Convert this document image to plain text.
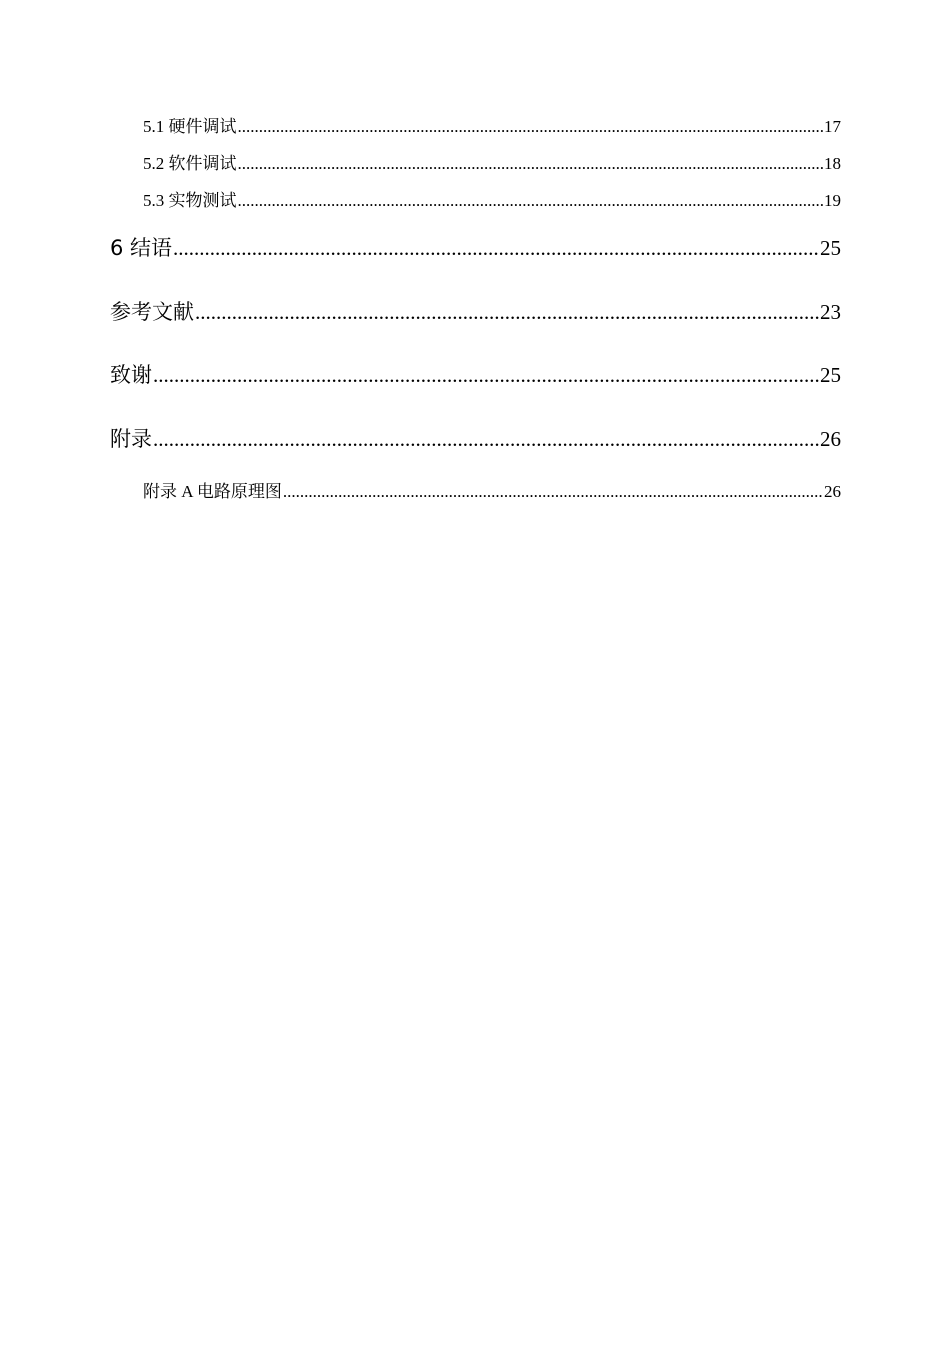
5.1 硬件调试 .....	17
5.2 软件调试 .....	18
5.3 实物测试 .....	19
6 结语 .....	25
参考文献 .....	23
致谢 .....	25
附录 .....	26
附录 A 电路原理图 .....	26
